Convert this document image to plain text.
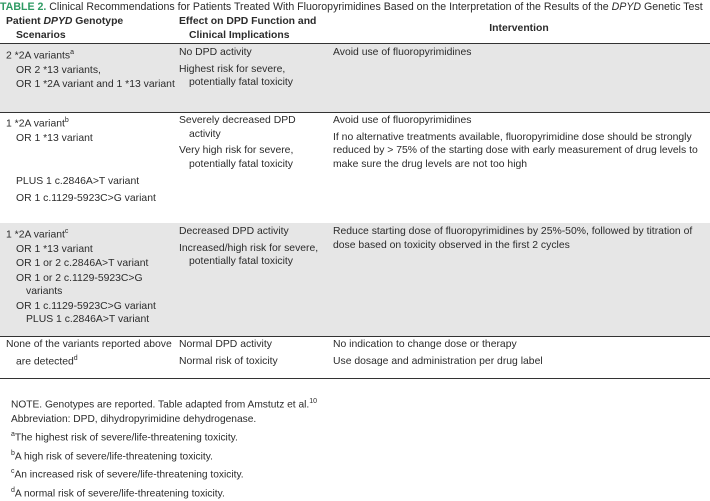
TABLE 2. Clinical Recommendations for Patients Treated With Fluoropyrimidines Based on the Interpretation of the Results of the DPYD Genetic Test
Patient DPYD Genotype
Scenarios
Effect on DPD Function and
Clinical Implications
Intervention

2 *2A variants$^a$

OR 2 *13 variants,

OR 1 *2A variant and 1 *13 variant

No DPD activity

Highest risk for severe, potentially fatal toxicity

Avoid use of fluoropyrimidines

1 *2A variant$^b$

OR 1 *13 variant

PLUS 1 c.2846A>T variant

OR 1 c.1129-5923C>G variant

Severely decreased DPD activity

Very high risk for severe, potentially fatal toxicity

Avoid use of fluoropyrimidines

If no alternative treatments available, fluoropyrimidine dose should be strongly reduced by > 75% of the starting dose with early measurement of drug levels to make sure the drug levels are not too high

1 *2A variant$^c$

OR 1 *13 variant

OR 1 or 2 c.2846A>T variant

OR 1 or 2 c.1129-5923C>G variants

OR 1 c.1129-5923C>G variant PLUS 1 c.2846A>T variant

Decreased DPD activity

Increased/high risk for severe, potentially fatal toxicity

Reduce starting dose of fluoropyrimidines by 25%-50%, followed by titration of dose based on toxicity observed in the first 2 cycles

None of the variants reported above are detected$^d$

Normal DPD activity

Normal risk of toxicity

No indication to change dose or therapy

Use dosage and administration per drug label

NOTE. Genotypes are reported. Table adapted from Amstutz et al.$^{10}$

Abbreviation: DPD, dihydropyrimidine dehydrogenase.

$^a$The highest risk of severe/life-threatening toxicity.

$^b$A high risk of severe/life-threatening toxicity.

$^c$An increased risk of severe/life-threatening toxicity.

$^d$A normal risk of severe/life-threatening toxicity.
